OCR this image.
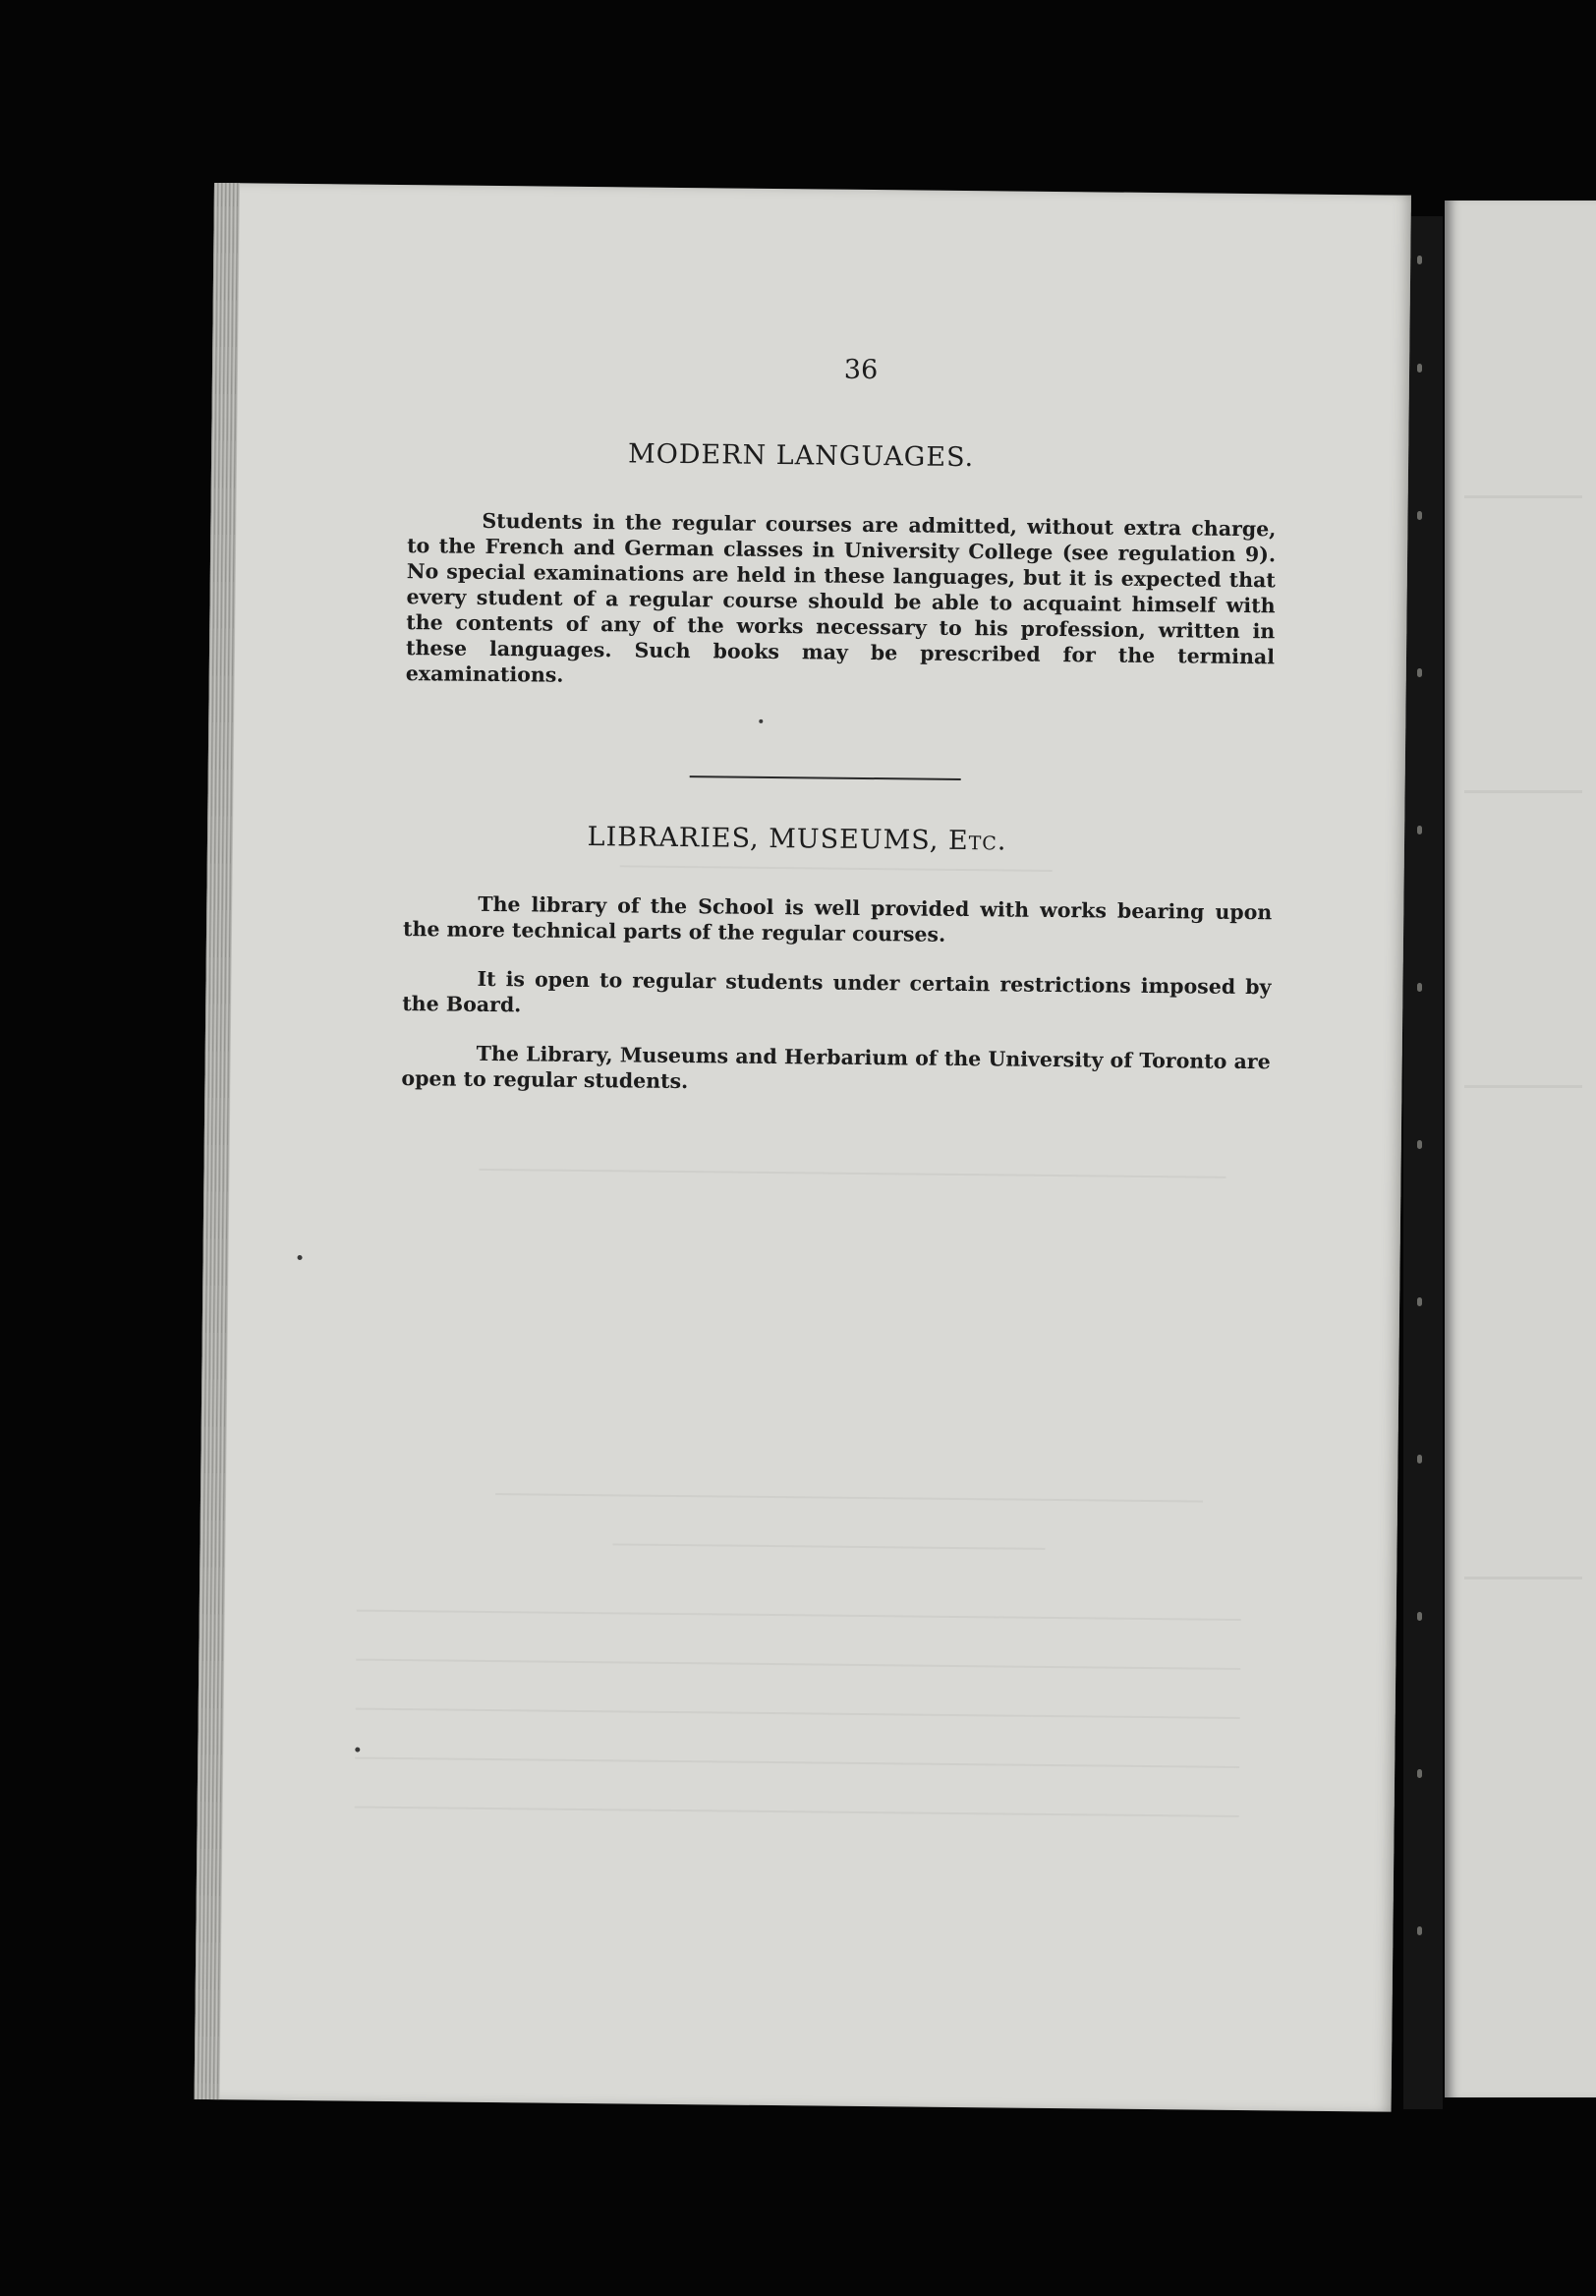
36
MODERN LANGUAGES.
Students in the regular courses are admitted, without extra charge, to the French and German classes in University College (see regulation 9). No special examinations are held in these languages, but it is expected that every student of a regular course should be able to acquaint himself with the contents of any of the works necessary to his profession, written in these languages. Such books may be prescribed for the terminal examinations.
LIBRARIES, MUSEUMS, Etc.
The library of the School is well provided with works bearing upon the more technical parts of the regular courses.
It is open to regular students under certain restrictions imposed by the Board.
The Library, Museums and Herbarium of the University of Toronto are open to regular students.
